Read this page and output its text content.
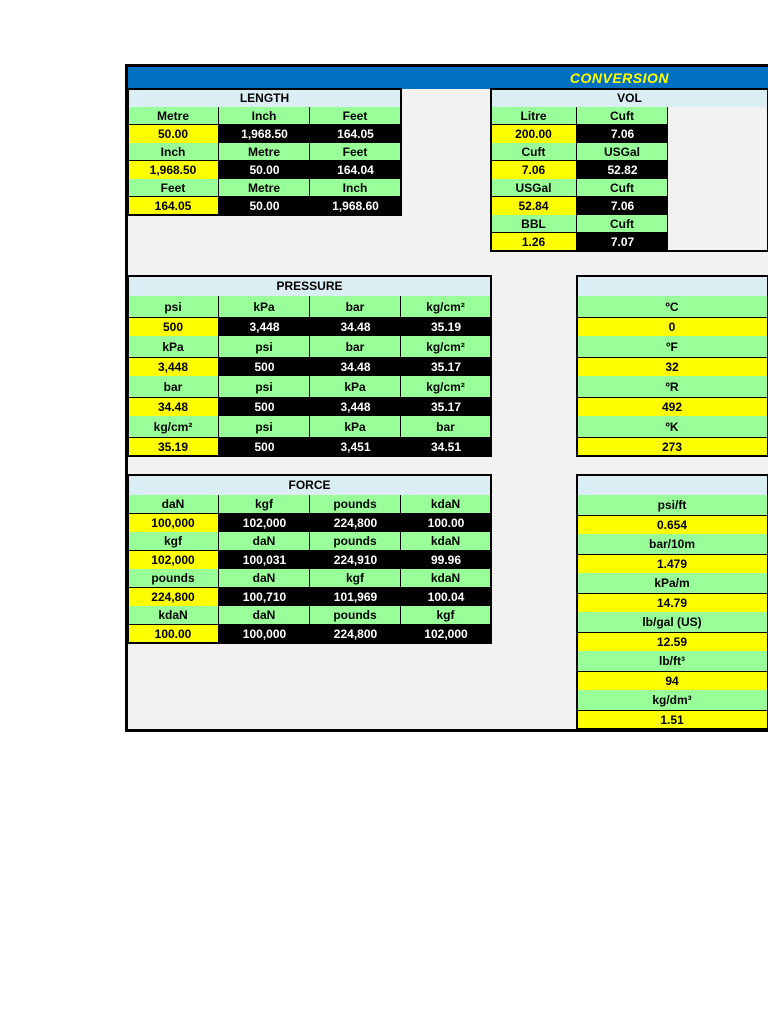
CONVERSION
LENGTH
Metre	Inch	Feet
50.00	1,968.50	164.05
Inch	Metre	Feet
1,968.50	50.00	164.04
Feet	Metre	Inch
164.05	50.00	1,968.60
VOL
Litre	Cuft
200.00	7.06
Cuft	USGal
7.06	52.82
USGal	Cuft
52.84	7.06
BBL	Cuft
1.26	7.07
PRESSURE
psi	kPa	bar	kg/cm²
500	3,448	34.48	35.19
kPa	psi	bar	kg/cm²
3,448	500	34.48	35.17
bar	psi	kPa	kg/cm²
34.48	500	3,448	35.17
kg/cm²	psi	kPa	bar
35.19	500	3,451	34.51
ºC
0
ºF
32
ºR
492
ºK
273
FORCE
daN	kgf	pounds	kdaN
100,000	102,000	224,800	100.00
kgf	daN	pounds	kdaN
102,000	100,031	224,910	99.96
pounds	daN	kgf	kdaN
224,800	100,710	101,969	100.04
kdaN	daN	pounds	kgf
100.00	100,000	224,800	102,000
psi/ft
0.654
bar/10m
1.479
kPa/m
14.79
lb/gal (US)
12.59
lb/ft³
94
kg/dm³
1.51
